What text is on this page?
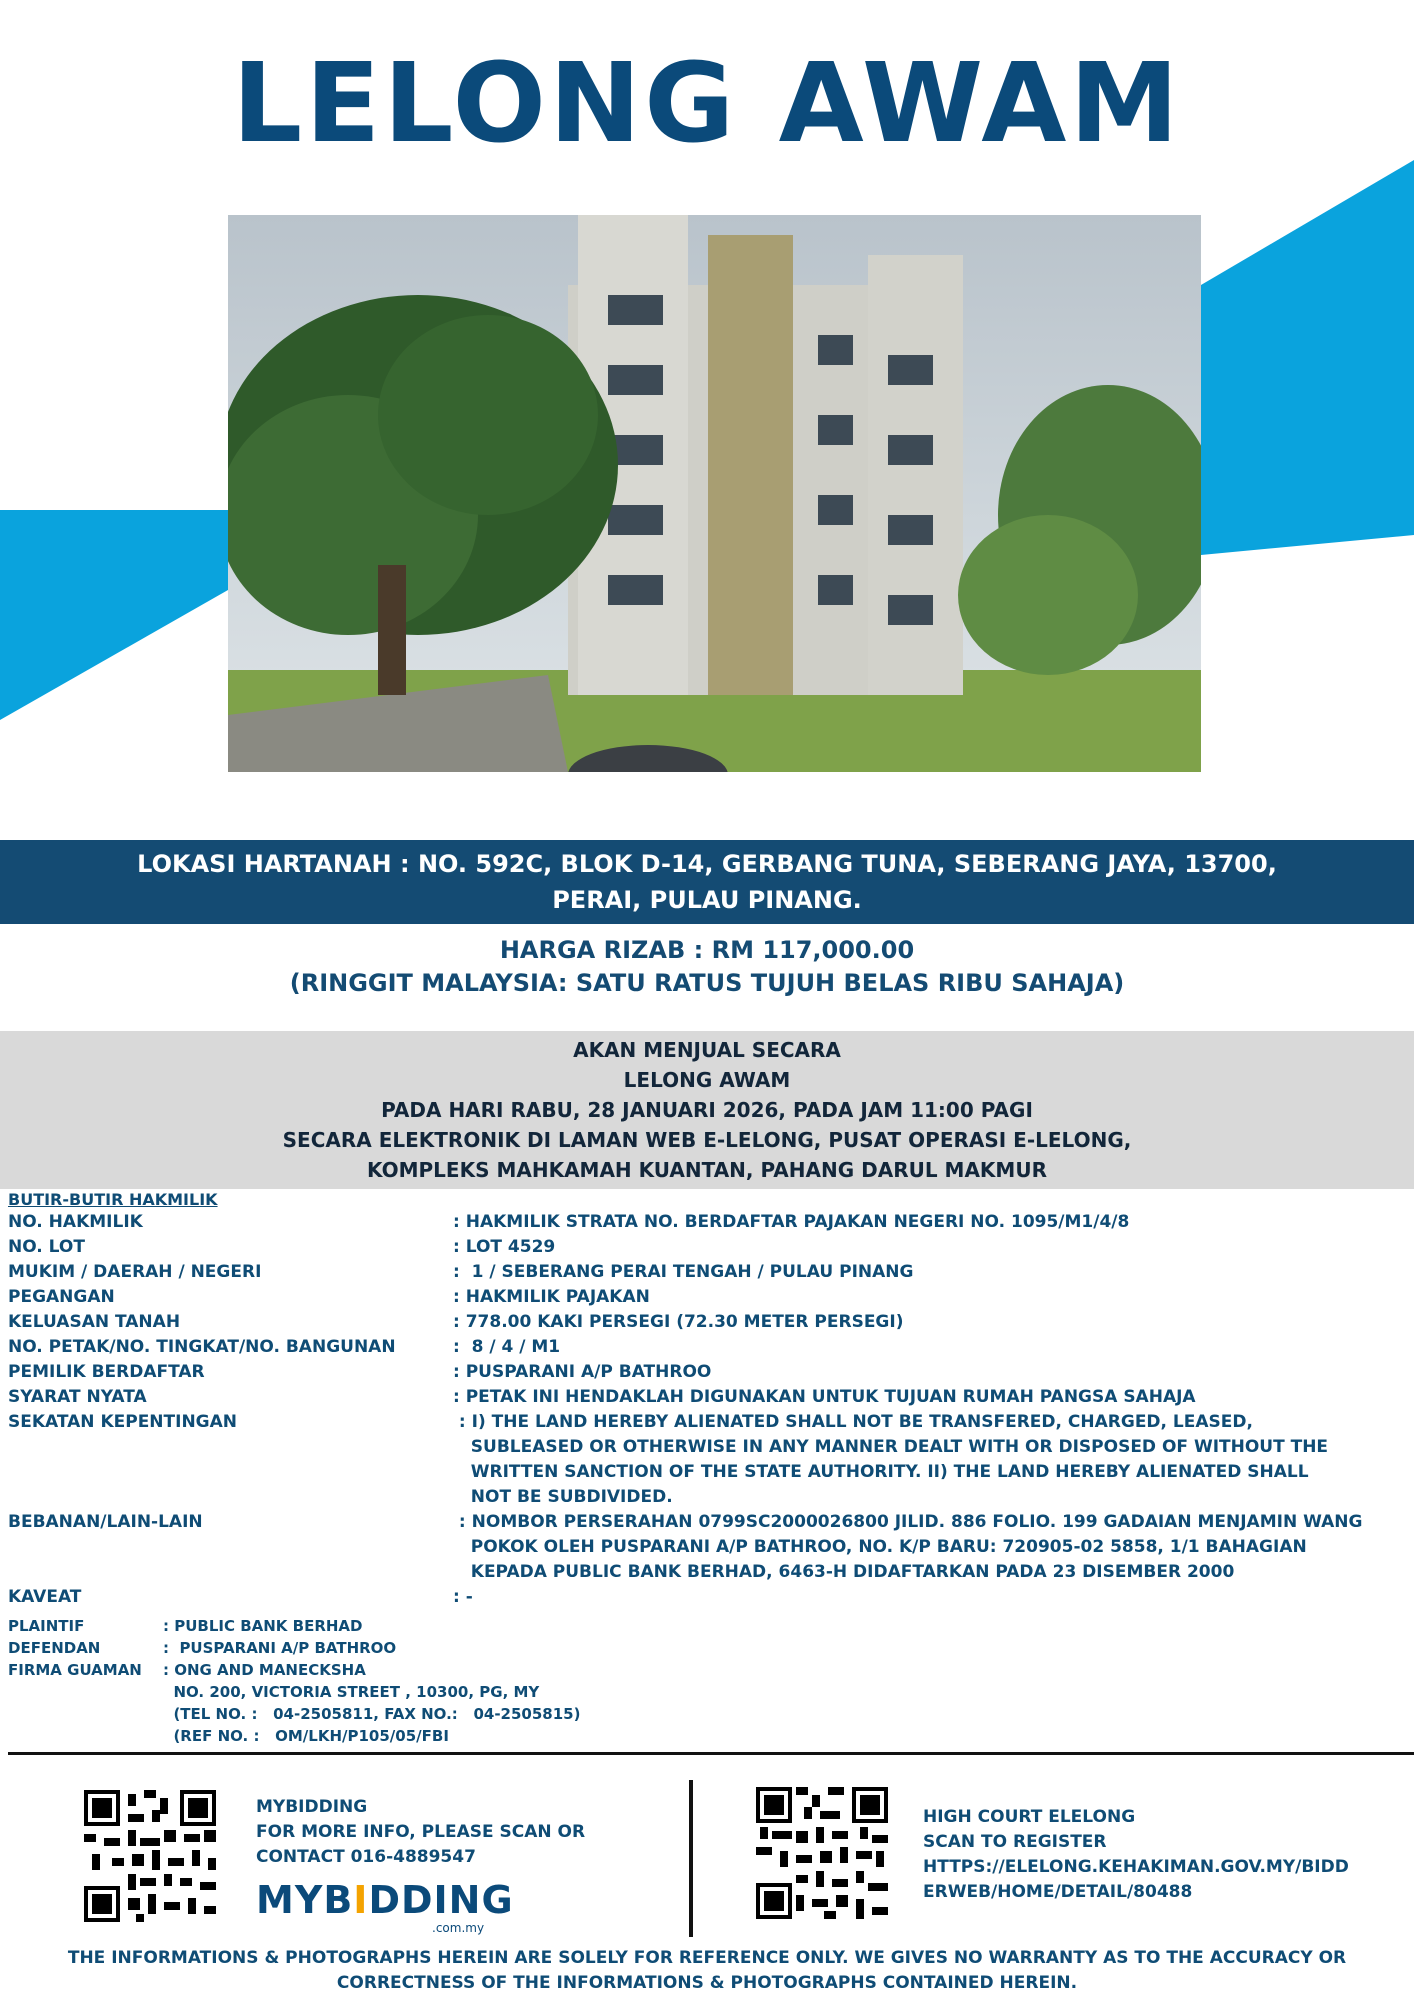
LELONG AWAM
LOKASI HARTANAH : NO. 592C, BLOK D-14, GERBANG TUNA, SEBERANG JAYA, 13700,
PERAI, PULAU PINANG.
HARGA RIZAB : RM 117,000.00
(RINGGIT MALAYSIA: SATU RATUS TUJUH BELAS RIBU SAHAJA)
AKAN MENJUAL SECARA
LELONG AWAM
PADA HARI RABU, 28 JANUARI 2026, PADA JAM 11:00 PAGI
SECARA ELEKTRONIK DI LAMAN WEB E-LELONG, PUSAT OPERASI E-LELONG,
KOMPLEKS MAHKAMAH KUANTAN, PAHANG DARUL MAKMUR
BUTIR-BUTIR HAKMILIK
NO. HAKMILIK	: HAKMILIK STRATA NO. BERDAFTAR PAJAKAN NEGERI NO. 1095/M1/4/8
NO. LOT	: LOT 4529
MUKIM / DAERAH / NEGERI	:  1 / SEBERANG PERAI TENGAH / PULAU PINANG
PEGANGAN	: HAKMILIK PAJAKAN
KELUASAN TANAH	: 778.00 KAKI PERSEGI (72.30 METER PERSEGI)
NO. PETAK/NO. TINGKAT/NO. BANGUNAN	:  8 / 4 / M1
PEMILIK BERDAFTAR	: PUSPARANI A/P BATHROO
SYARAT NYATA	: PETAK INI HENDAKLAH DIGUNAKAN UNTUK TUJUAN RUMAH PANGSA SAHAJA
SEKATAN KEPENTINGAN	: I) THE LAND HEREBY ALIENATED SHALL NOT BE TRANSFERED, CHARGED, LEASED,
SUBLEASED OR OTHERWISE IN ANY MANNER DEALT WITH OR DISPOSED OF WITHOUT THE
WRITTEN SANCTION OF THE STATE AUTHORITY. II) THE LAND HEREBY ALIENATED SHALL
NOT BE SUBDIVIDED.
BEBANAN/LAIN-LAIN	: NOMBOR PERSERAHAN 0799SC2000026800 JILID. 886 FOLIO. 199 GADAIAN MENJAMIN WANG
POKOK OLEH PUSPARANI A/P BATHROO, NO. K/P BARU: 720905-02 5858, 1/1 BAHAGIAN
KEPADA PUBLIC BANK BERHAD, 6463-H DIDAFTARKAN PADA 23 DISEMBER 2000
KAVEAT	: -
PLAINTIF	: PUBLIC BANK BERHAD
DEFENDAN	:  PUSPARANI A/P BATHROO
FIRMA GUAMAN	: ONG AND MANECKSHA
NO. 200, VICTORIA STREET , 10300, PG, MY
(TEL NO. :   04-2505811, FAX NO.:   04-2505815)
(REF NO. :   OM/LKH/P105/05/FBI
MYBIDDING
FOR MORE INFO, PLEASE SCAN OR
CONTACT 016-4889547
MYBIDDING
.com.my
HIGH COURT ELELONG
SCAN TO REGISTER
HTTPS://ELELONG.KEHAKIMAN.GOV.MY/BIDD
ERWEB/HOME/DETAIL/80488
THE INFORMATIONS & PHOTOGRAPHS HEREIN ARE SOLELY FOR REFERENCE ONLY. WE GIVES NO WARRANTY AS TO THE ACCURACY OR
CORRECTNESS OF THE INFORMATIONS & PHOTOGRAPHS CONTAINED HEREIN.
